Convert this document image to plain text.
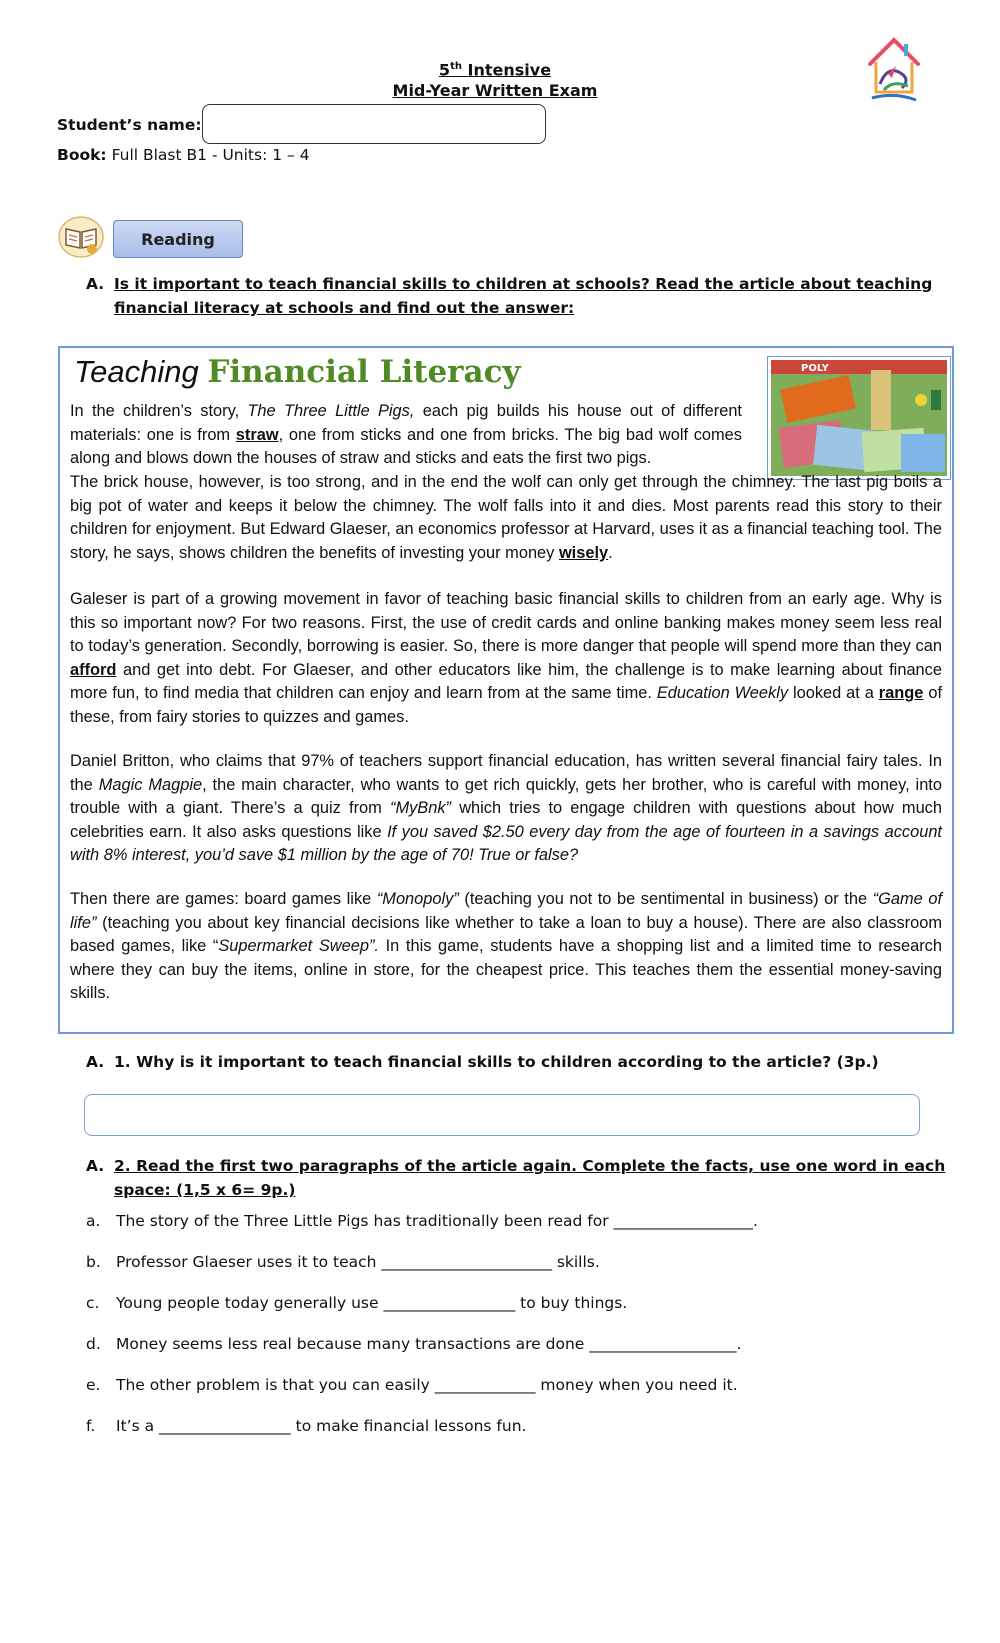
5th Intensive
Mid-Year Written Exam
Student’s name:
Book: Full Blast B1 - Units: 1 – 4
Reading
A. Is it important to teach financial skills to children at schools? Read the article about teaching
financial literacy at schools and find out the answer:
Teaching Financial Literacy	POLY
In the children’s story, The Three Little Pigs, each pig builds his house out of different materials: one is from straw, one from sticks and one from bricks. The big bad wolf comes along and blows down the houses of straw and sticks and eats the first two pigs.
The brick house, however, is too strong, and in the end the wolf can only get through the chimney. The last pig boils a big pot of water and keeps it below the chimney. The wolf falls into it and dies. Most parents read this story to their children for enjoyment. But Edward Glaeser, an economics professor at Harvard, uses it as a financial teaching tool. The story, he says, shows children the benefits of investing your money wisely.
Galeser is part of a growing movement in favor of teaching basic financial skills to children from an early age. Why is this so important now? For two reasons. First, the use of credit cards and online banking makes money seem less real to today’s generation. Secondly, borrowing is easier. So, there is more danger that people will spend more than they can afford and get into debt. For Glaeser, and other educators like him, the challenge is to make learning about finance more fun, to find media that children can enjoy and learn from at the same time. Education Weekly looked at a range of these, from fairy stories to quizzes and games.
Daniel Britton, who claims that 97% of teachers support financial education, has written several financial fairy tales. In the Magic Magpie, the main character, who wants to get rich quickly, gets her brother, who is careful with money, into trouble with a giant. There’s a quiz from “MyBnk” which tries to engage children with questions about how much celebrities earn. It also asks questions like If you saved $2.50 every day from the age of fourteen in a savings account with 8% interest, you’d save $1 million by the age of 70! True or false?
Then there are games: board games like “Monopoly” (teaching you not to be sentimental in business) or the “Game of life” (teaching you about key financial decisions like whether to take a loan to buy a house). There are also classroom based games, like “Supermarket Sweep”. In this game, students have a shopping list and a limited time to research where they can buy the items, online in store, for the cheapest price. This teaches them the essential money-saving skills.
A. 1. Why is it important to teach financial skills to children according to the article? (3p.)
A. 2. Read the first two paragraphs of the article again. Complete the facts, use one word in each
space: (1,5 x 6= 9p.)
a. The story of the Three Little Pigs has traditionally been read for __________________.
b. Professor Glaeser uses it to teach ______________________ skills.
c. Young people today generally use _________________ to buy things.
d. Money seems less real because many transactions are done ___________________.
e. The other problem is that you can easily _____________ money when you need it.
f. It’s a _________________ to make financial lessons fun.
